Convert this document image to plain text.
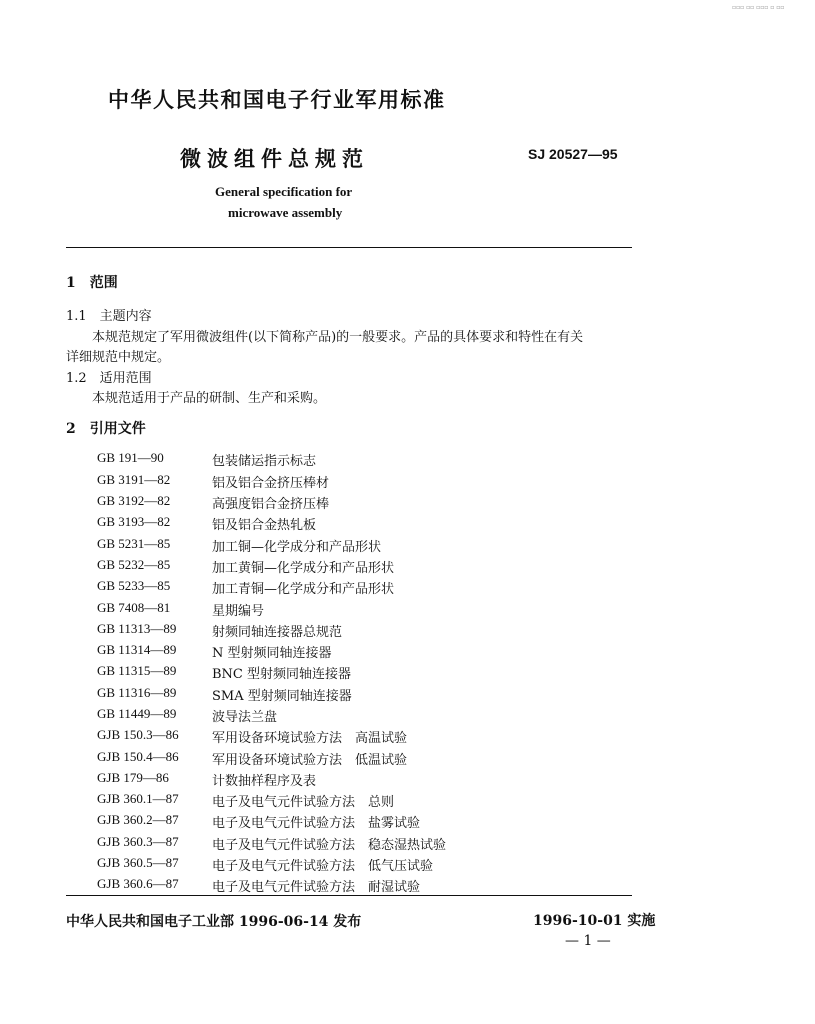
▫▫▫ ▫▫ ▫▫▫ ▫ ▫▫
中华人民共和国电子行业军用标准
微波组件总规范	SJ 20527—95
General specification for
microwave assembly
1　范围
1.1　主题内容
本规范规定了军用微波组件(以下简称产品)的一般要求。产品的具体要求和特性在有关
详细规范中规定。
1.2　适用范围
本规范适用于产品的研制、生产和采购。
2　引用文件
GB 191—90	包装储运指示标志
GB 3191—82	铝及铝合金挤压棒材
GB 3192—82	高强度铝合金挤压棒
GB 3193—82	铝及铝合金热轧板
GB 5231—85	加工铜—化学成分和产品形状
GB 5232—85	加工黄铜—化学成分和产品形状
GB 5233—85	加工青铜—化学成分和产品形状
GB 7408—81	星期编号
GB 11313—89	射频同轴连接器总规范
GB 11314—89	N 型射频同轴连接器
GB 11315—89	BNC 型射频同轴连接器
GB 11316—89	SMA 型射频同轴连接器
GB 11449—89	波导法兰盘
GJB 150.3—86	军用设备环境试验方法　高温试验
GJB 150.4—86	军用设备环境试验方法　低温试验
GJB 179—86	计数抽样程序及表
GJB 360.1—87	电子及电气元件试验方法　总则
GJB 360.2—87	电子及电气元件试验方法　盐雾试验
GJB 360.3—87	电子及电气元件试验方法　稳态湿热试验
GJB 360.5—87	电子及电气元件试验方法　低气压试验
GJB 360.6—87	电子及电气元件试验方法　耐湿试验
中华人民共和国电子工业部 1996-06-14 发布	1996-10-01 实施
— 1 —
